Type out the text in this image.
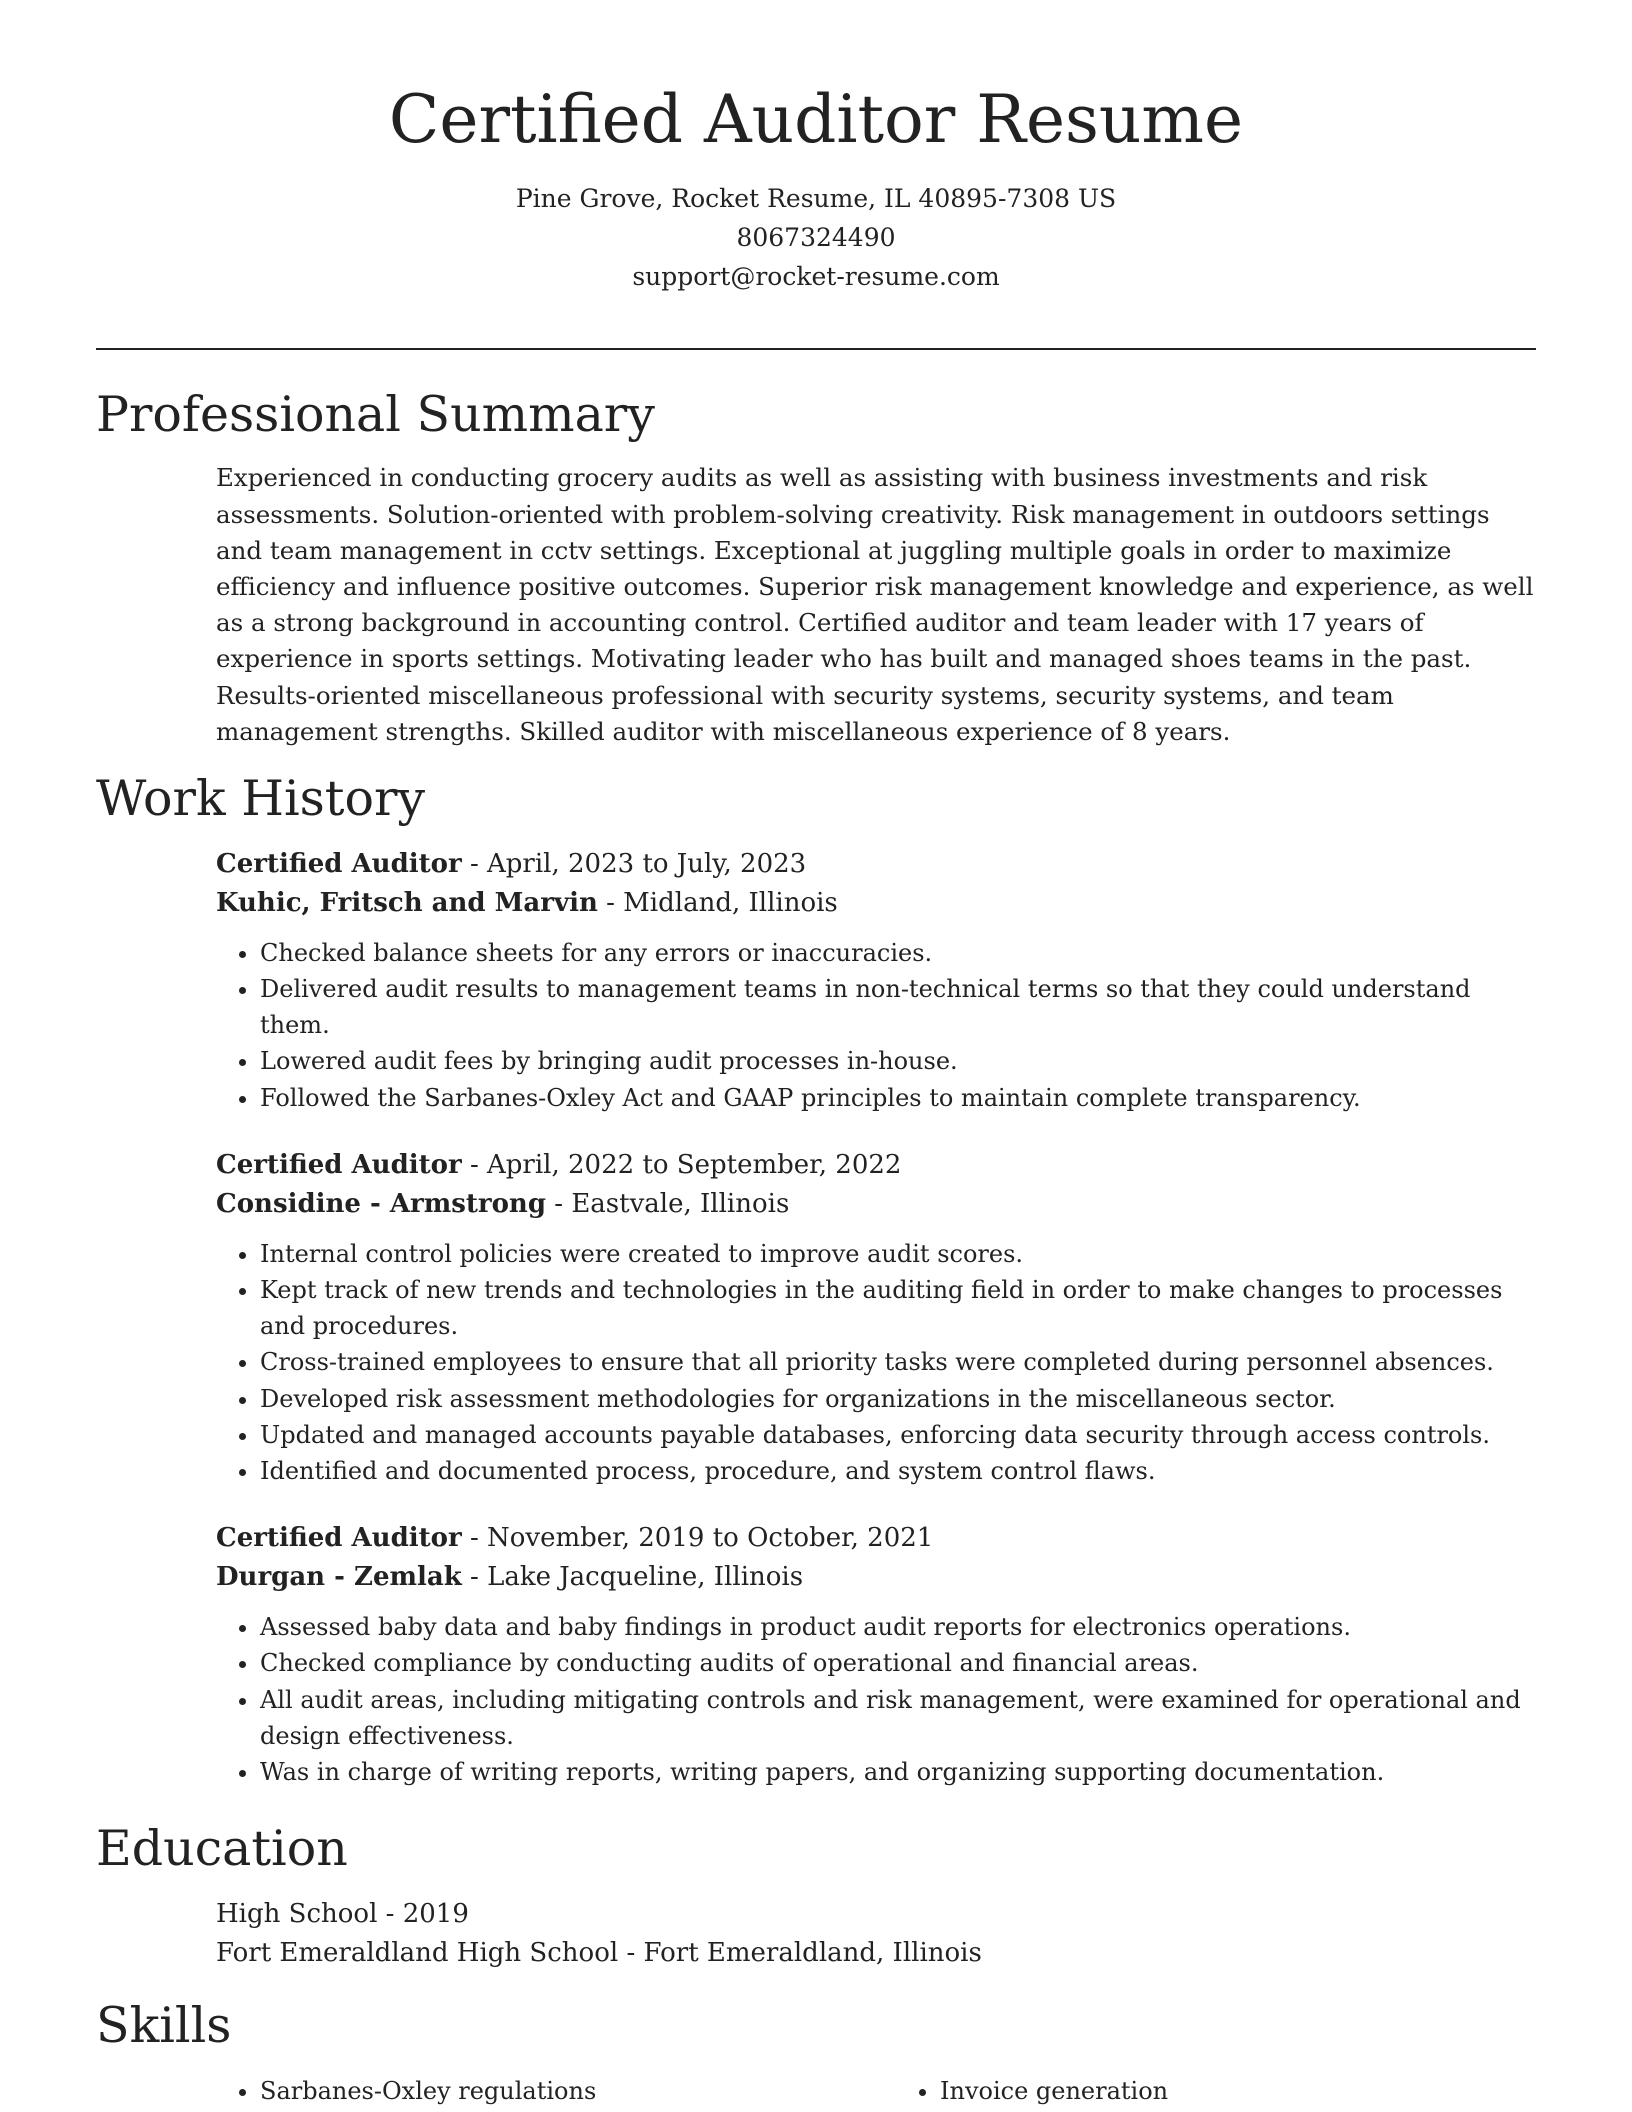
Certified Auditor Resume
Pine Grove, Rocket Resume, IL 40895-7308 US
8067324490
support@rocket-resume.com
Professional Summary

Experienced in conducting grocery audits as well as assisting with business investments and risk assessments. Solution-oriented with problem-solving creativity. Risk management in outdoors settings and team management in cctv settings. Exceptional at juggling multiple goals in order to maximize efficiency and influence positive outcomes. Superior risk management knowledge and experience, as well as a strong background in accounting control. Certified auditor and team leader with 17 years of experience in sports settings. Motivating leader who has built and managed shoes teams in the past. Results-oriented miscellaneous professional with security systems, security systems, and team management strengths. Skilled auditor with miscellaneous experience of 8 years.

Work History
Certified Auditor - April, 2023 to July, 2023
Kuhic, Fritsch and Marvin - Midland, Illinois
• Checked balance sheets for any errors or inaccuracies.
• Delivered audit results to management teams in non-technical terms so that they could understand them.
• Lowered audit fees by bringing audit processes in-house.
• Followed the Sarbanes-Oxley Act and GAAP principles to maintain complete transparency.
Certified Auditor - April, 2022 to September, 2022
Considine - Armstrong - Eastvale, Illinois
• Internal control policies were created to improve audit scores.
• Kept track of new trends and technologies in the auditing field in order to make changes to processes and procedures.
• Cross-trained employees to ensure that all priority tasks were completed during personnel absences.
• Developed risk assessment methodologies for organizations in the miscellaneous sector.
• Updated and managed accounts payable databases, enforcing data security through access controls.
• Identified and documented process, procedure, and system control flaws.
Certified Auditor - November, 2019 to October, 2021
Durgan - Zemlak - Lake Jacqueline, Illinois
• Assessed baby data and baby findings in product audit reports for electronics operations.
• Checked compliance by conducting audits of operational and financial areas.
• All audit areas, including mitigating controls and risk management, were examined for operational and design effectiveness.
• Was in charge of writing reports, writing papers, and organizing supporting documentation.
Education
High School - 2019
Fort Emeraldland High School - Fort Emeraldland, Illinois
Skills
• Sarbanes-Oxley regulations
•	Invoice generation
